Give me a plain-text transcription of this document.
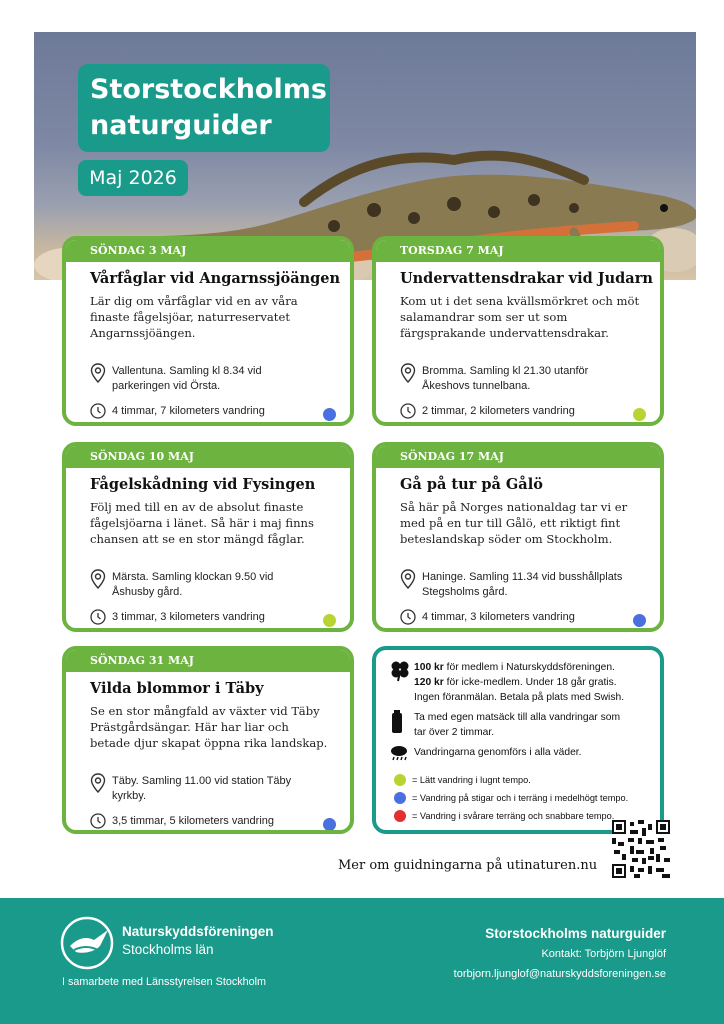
Storstockholms
naturguider
Maj 2026
SÖNDAG 3 MAJ
Vårfåglar vid Angarnssjöängen
Lär dig om vårfåglar vid en av våra
finaste fågelsjöar, naturreservatet
Angarnssjöängen.
Vallentuna. Samling kl 8.34 vid
parkeringen vid Örsta.
4 timmar, 7 kilometers vandring
TORSDAG 7 MAJ
Undervattensdrakar vid Judarn
Kom ut i det sena kvällsmörkret och möt
salamandrar som ser ut som
färgsprakande undervattensdrakar.
Bromma. Samling kl 21.30 utanför
Åkeshovs tunnelbana.
2 timmar, 2 kilometers vandring
SÖNDAG 10 MAJ
Fågelskådning vid Fysingen
Följ med till en av de absolut finaste
fågelsjöarna i länet. Så här i maj finns
chansen att se en stor mängd fåglar.
Märsta. Samling klockan 9.50 vid
Åshusby gård.
3 timmar, 3 kilometers vandring
SÖNDAG 17 MAJ
Gå på tur på Gålö
Så här på Norges nationaldag tar vi er
med på en tur till Gålö, ett riktigt fint
beteslandskap söder om Stockholm.
Haninge. Samling 11.34 vid busshållplats
Stegsholms gård.
4 timmar, 3 kilometers vandring
SÖNDAG 31 MAJ
Vilda blommor i Täby
Se en stor mångfald av växter vid Täby
Prästgårdsängar. Här har liar och
betade djur skapat öppna rika landskap.
Täby. Samling 11.00 vid station Täby
kyrkby.
3,5 timmar, 5 kilometers vandring
100 kr för medlem i Naturskyddsföreningen.
120 kr för icke-medlem. Under 18 går gratis.
Ingen föranmälan. Betala på plats med Swish.
Ta med egen matsäck till alla vandringar som
tar över 2 timmar.
Vandringarna genomförs i alla väder.
= Lätt vandring i lugnt tempo.
= Vandring på stigar och i terräng i medelhögt tempo.
= Vandring i svårare terräng och snabbare tempo.
Mer om guidningarna på utinaturen.nu
Naturskyddsföreningen
Stockholms län
I samarbete med Länsstyrelsen Stockholm
Storstockholms naturguider
Kontakt: Torbjörn Ljunglöf
torbjorn.ljunglof@naturskyddsforeningen.se
